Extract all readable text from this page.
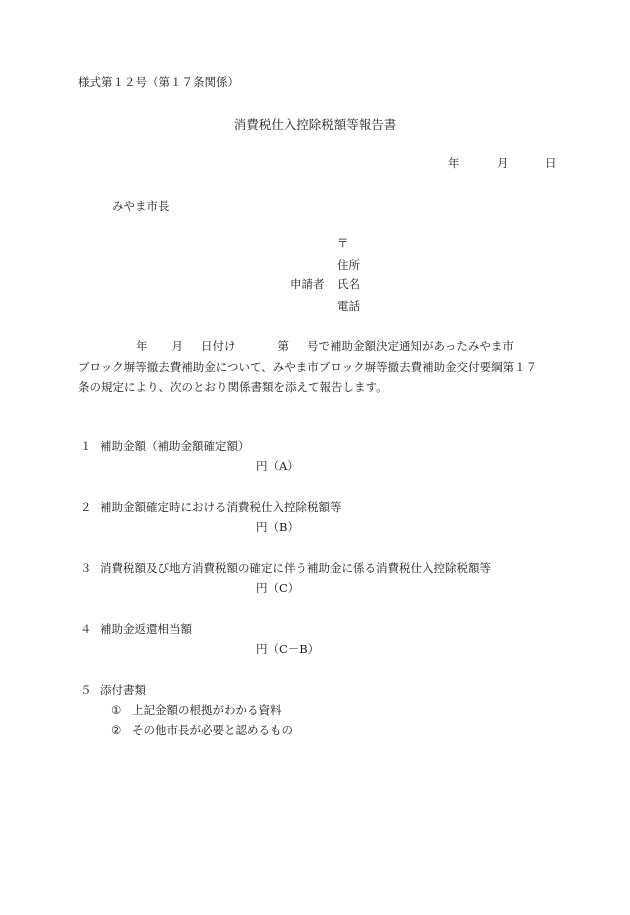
様式第１２号（第１７条関係）
消費税仕入控除税額等報告書
年	月	日
みやま市長
〒
住所
申請者 氏名
電話
年 月 日付け	第 号で補助金額決定通知があったみやま市
ブロック塀等撤去費補助金について、みやま市ブロック塀等撤去費補助金交付要綱第１７
条の規定により、次のとおり関係書類を添えて報告します。
１ 補助金額（補助金額確定額）
円（A）
２ 補助金額確定時における消費税仕入控除税額等
円（B）
３ 消費税額及び地方消費税額の確定に伴う補助金に係る消費税仕入控除税額等
円（C）
４ 補助金返還相当額
円（C－B）
５ 添付書類
① 上記金額の根拠がわかる資料
② その他市長が必要と認めるもの
